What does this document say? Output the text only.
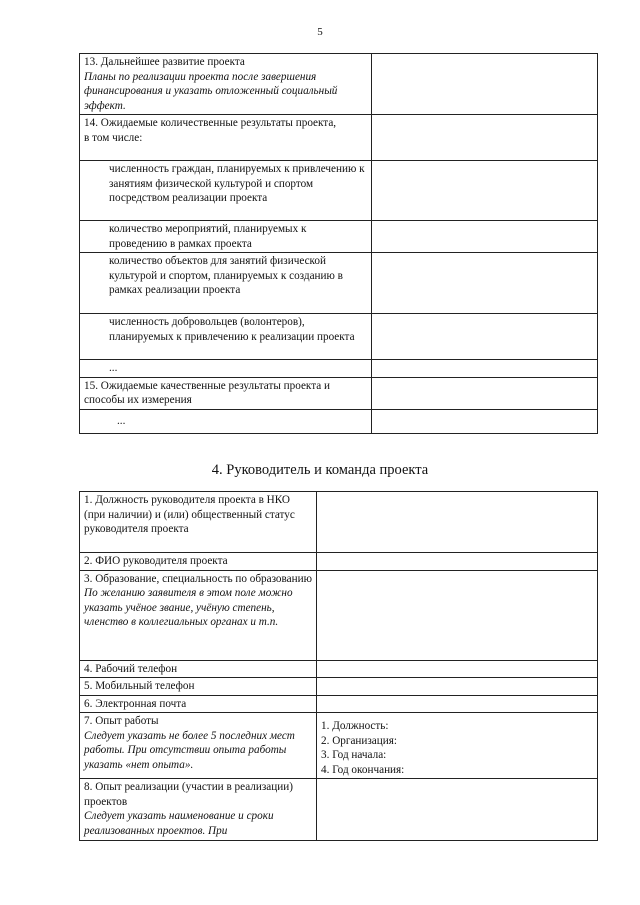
5
13. Дальнейшее развитие проекта
Планы по реализации проекта после завершения финансирования и указать отложенный социальный эффект.	

14. Ожидаемые количественные результаты проекта,
в том числе:	

численность граждан, планируемых к привлечению к занятиям физической культурой и спортом посредством реализации проекта	
количество мероприятий, планируемых к проведению в рамках проекта	
количество объектов для занятий физической культурой и спортом, планируемых к созданию в рамках реализации проекта	
численность добровольцев (волонтеров), планируемых к привлечению к реализации проекта	
...	
15. Ожидаемые качественные результаты проекта и способы их измерения	
...	
4. Руководитель и команда проекта
1. Должность руководителя проекта в НКО (при наличии) и (или) общественный статус руководителя проекта	
2. ФИО руководителя проекта	

3. Образование, специальность по образованию
По желанию заявителя в этом поле можно указать учёное звание, учёную степень, членство в коллегиальных органах и т.п.	

4. Рабочий телефон	
5. Мобильный телефон	
6. Электронная почта	

7. Опыт работы
Следует указать не более 5 последних мест работы. При отсутствии опыта работы указать «нет опыта».	1. Должность:
2. Организация:
3. Год начала:
4. Год окончания:

8. Опыт реализации (участии в реализации) проектов
Следует указать наименование и сроки реализованных проектов. При	
